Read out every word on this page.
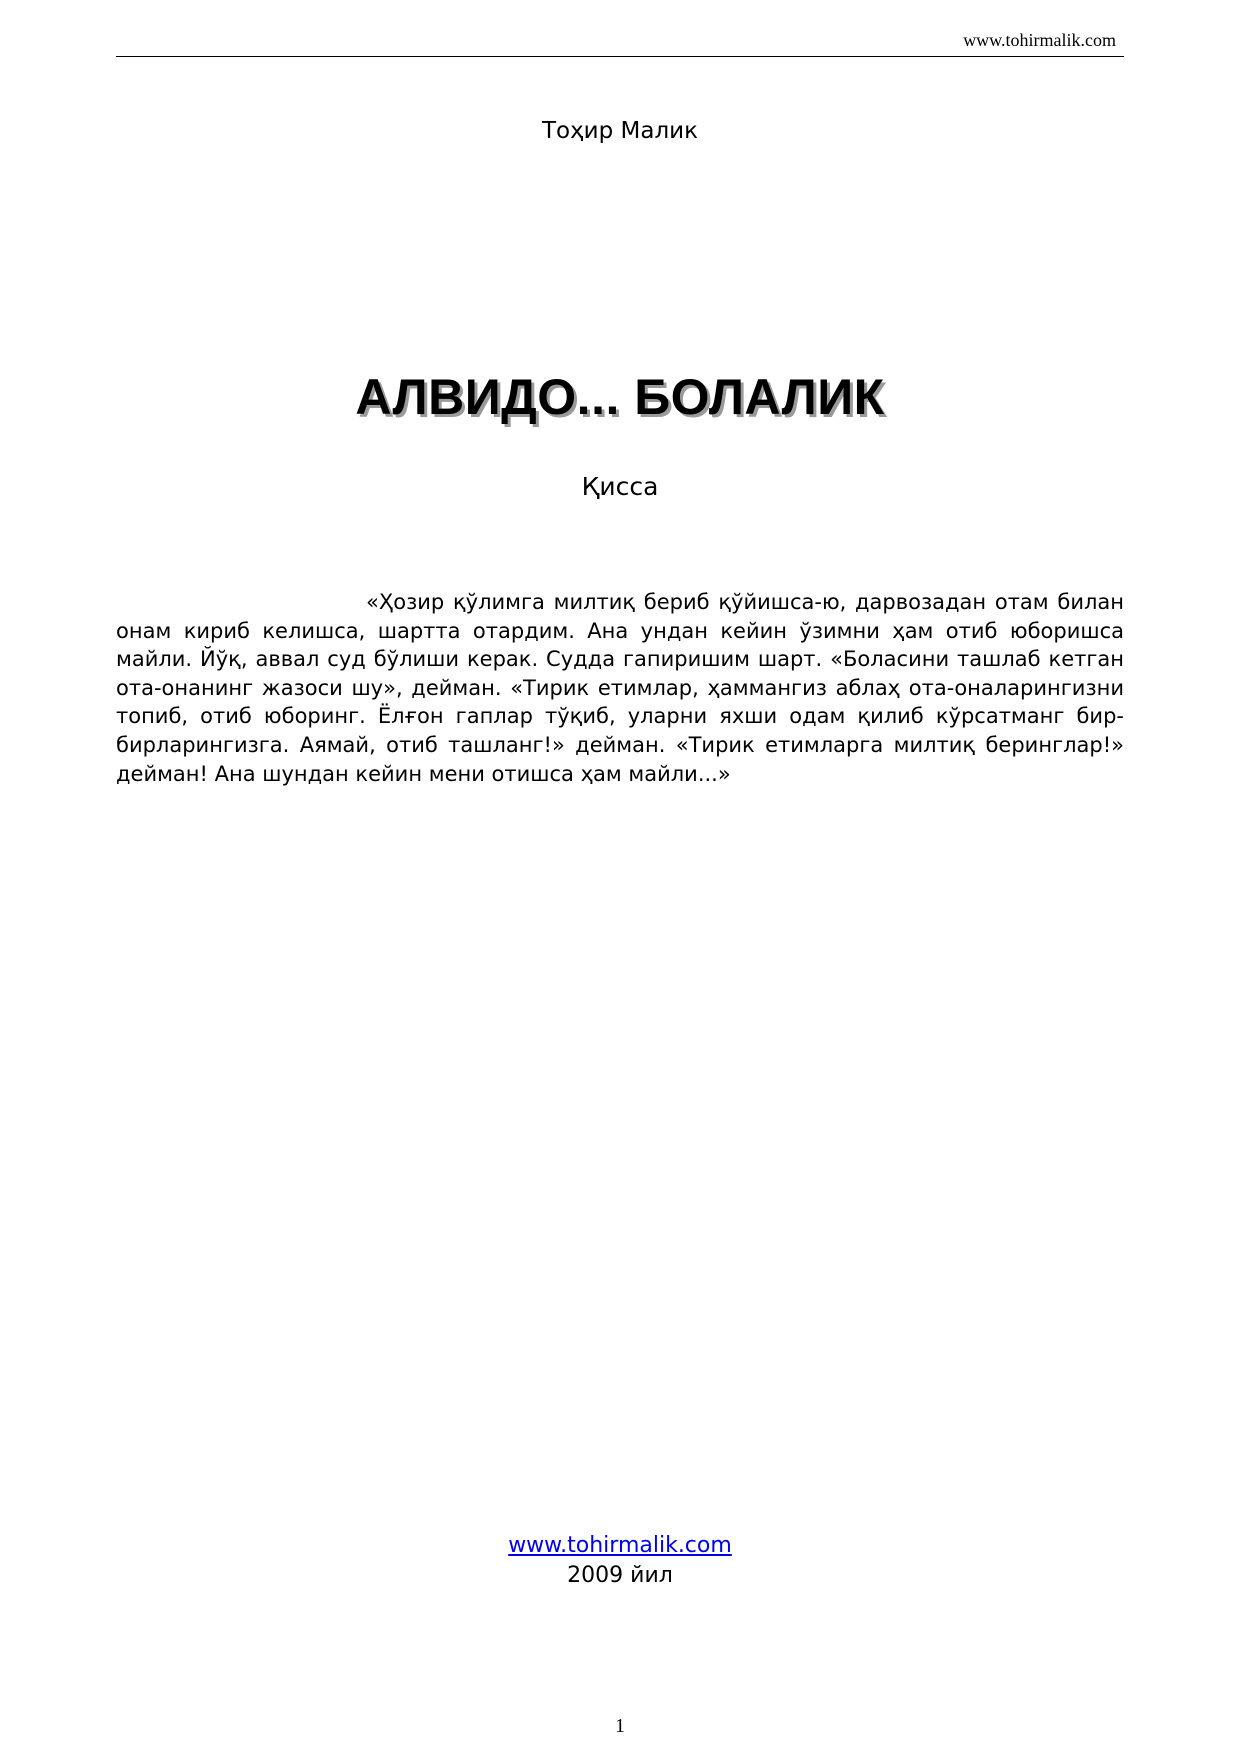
www.tohirmalik.com
Тоҳир Малик
АЛВИДО... БОЛАЛИК
Қисса

«Ҳозир қўлимга милтиқ бериб қўйишса-ю, дарвозадан отам билан онам кириб келишса, шартта отардим. Ана ундан кейин ўзимни ҳам отиб юборишса майли. Йўқ, аввал суд бўлиши керак. Судда гапиришим шарт. «Боласини ташлаб кетган ота-онанинг жазоси шу», дейман. «Тирик етимлар, ҳаммангиз аблаҳ ота-оналарингизни топиб, отиб юборинг. Ёлғон гаплар тўқиб, уларни яхши одам қилиб кўрсатманг бир-бирларингизга. Аямай, отиб ташланг!» дейман. «Тирик етимларга милтиқ беринглар!» дейман! Ана шундан кейин мени отишса ҳам майли...»

www.tohirmalik.com
2009 йил
1
